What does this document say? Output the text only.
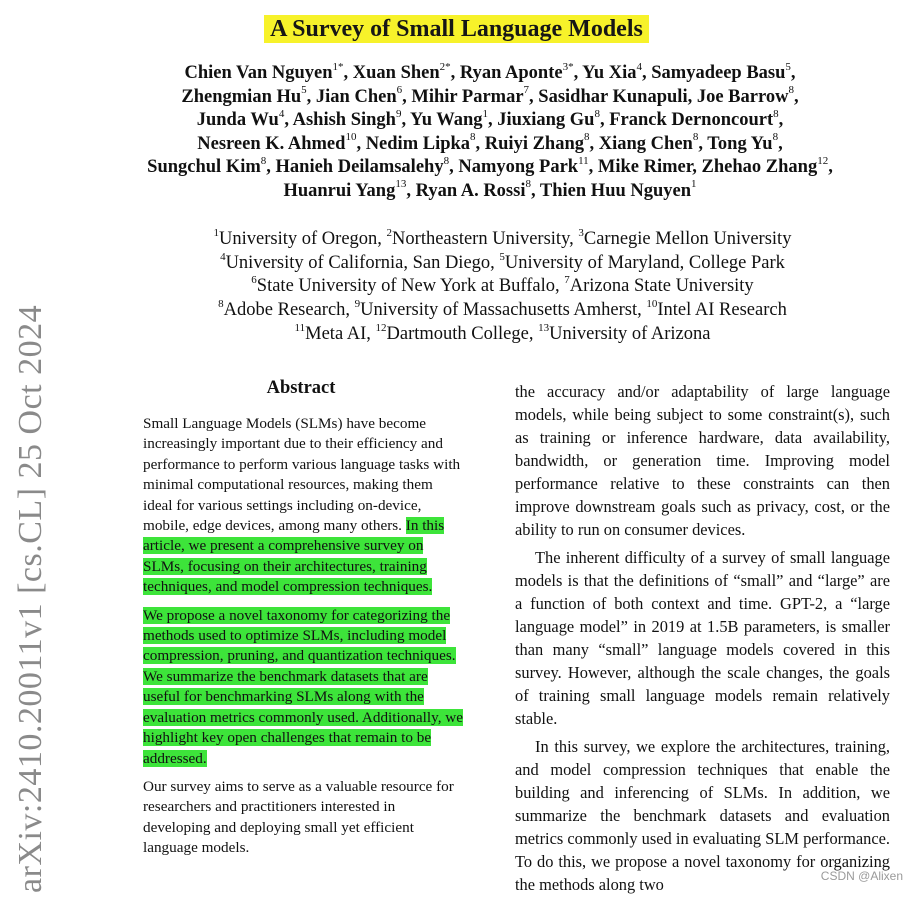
A Survey of Small Language Models
Chien Van Nguyen$^{1*}$, Xuan Shen$^{2*}$, Ryan Aponte$^{3*}$, Yu Xia$^4$, Samyadeep Basu$^5$,
Zhengmian Hu$^5$, Jian Chen$^6$, Mihir Parmar$^7$, Sasidhar Kunapuli, Joe Barrow$^8$,
Junda Wu$^4$, Ashish Singh$^9$, Yu Wang$^1$, Jiuxiang Gu$^8$, Franck Dernoncourt$^8$,
Nesreen K. Ahmed$^{10}$, Nedim Lipka$^8$, Ruiyi Zhang$^8$, Xiang Chen$^8$, Tong Yu$^8$,
Sungchul Kim$^8$, Hanieh Deilamsalehy$^8$, Namyong Park$^{11}$, Mike Rimer, Zhehao Zhang$^{12}$,
Huanrui Yang$^{13}$, Ryan A. Rossi$^8$, Thien Huu Nguyen$^1$
$^1$University of Oregon, $^2$Northeastern University, $^3$Carnegie Mellon University
$^4$University of California, San Diego, $^5$University of Maryland, College Park
$^6$State University of New York at Buffalo, $^7$Arizona State University
$^8$Adobe Research, $^9$University of Massachusetts Amherst, $^{10}$Intel AI Research
$^{11}$Meta AI, $^{12}$Dartmouth College, $^{13}$University of Arizona
arXiv:2410.20011v1 [cs.CL] 25 Oct 2024	Abstract

Small Language Models (SLMs) have become increasingly important due to their efficiency and performance to perform various language tasks with minimal computational resources, making them ideal for various settings including on-device, mobile, edge devices, among many others. In this article, we present a comprehensive survey on SLMs, focusing on their architectures, training techniques, and model compression techniques.

We propose a novel taxonomy for categorizing the methods used to optimize SLMs, including model compression, pruning, and quantization techniques. We summarize the benchmark datasets that are useful for benchmarking SLMs along with the evaluation metrics commonly used. Additionally, we highlight key open challenges that remain to be addressed.

Our survey aims to serve as a valuable resource for researchers and practitioners interested in developing and deploying small yet efficient language models.

the accuracy and/or adaptability of large language models, while being subject to some constraint(s), such as training or inference hardware, data availability, bandwidth, or generation time. Improving model performance relative to these constraints can then improve downstream goals such as privacy, cost, or the ability to run on consumer devices.

The inherent difficulty of a survey of small language models is that the definitions of “small” and “large” are a function of both context and time. GPT-2, a “large language model” in 2019 at 1.5B parameters, is smaller than many “small” language models covered in this survey. However, although the scale changes, the goals of training small language models remain relatively stable.

In this survey, we explore the architectures, training, and model compression techniques that enable the building and inferencing of SLMs. In addition, we summarize the benchmark datasets and evaluation metrics commonly used in evaluating SLM performance. To do this, we propose a novel taxonomy for organizing the methods along two	CSDN @Alixen
